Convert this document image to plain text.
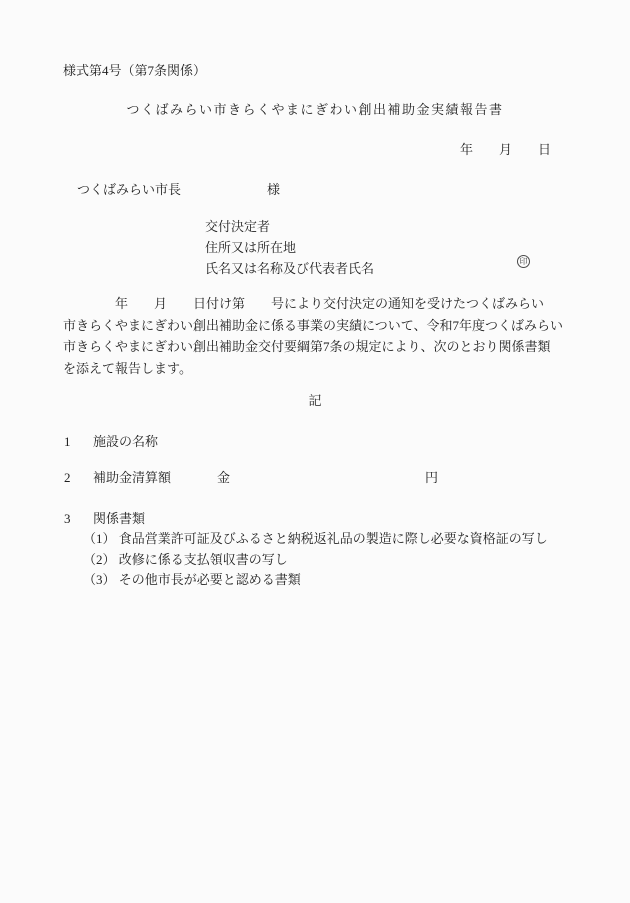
様式第4号（第7条関係）
つくばみらい市きらくやまにぎわい創出補助金実績報告書
年　　月　　日
つくばみらい市長	様
交付決定者
住所又は所在地
氏名又は名称及び代表者氏名	印
　　　　年　　月　　日付け第　　号により交付決定の通知を受けたつくばみらい
市きらくやまにぎわい創出補助金に係る事業の実績について、令和7年度つくばみらい
市きらくやまにぎわい創出補助金交付要綱第7条の規定により、次のとおり関係書類
を添えて報告します。
記
1 施設の名称
2 補助金清算額	金	円
3 関係書類
（1） 食品営業許可証及びふるさと納税返礼品の製造に際し必要な資格証の写し
（2） 改修に係る支払領収書の写し
（3） その他市長が必要と認める書類
